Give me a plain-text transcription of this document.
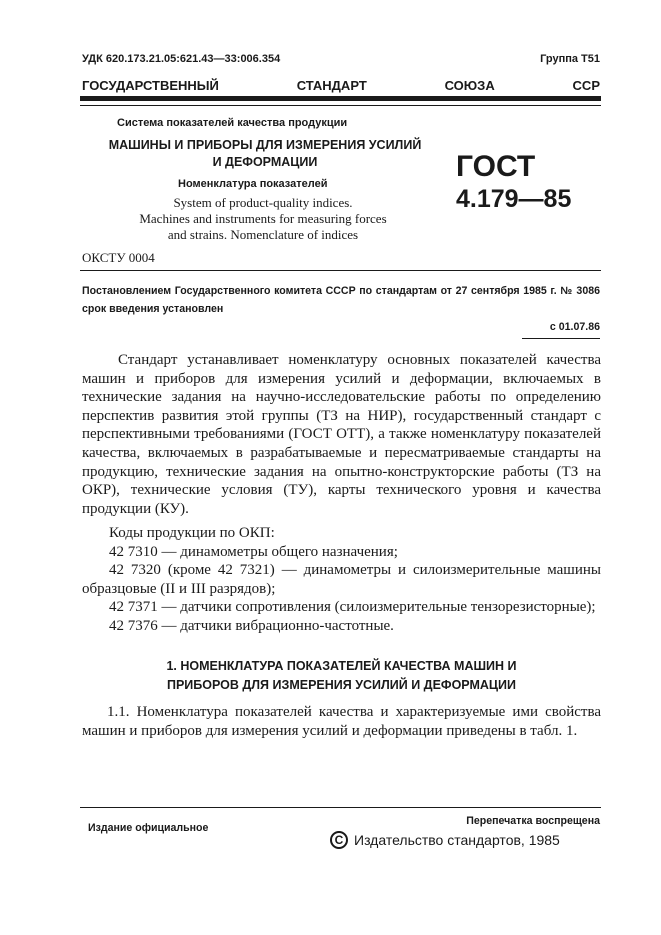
УДК 620.173.21.05:621.43—33:006.354	Группа Т51
ГОСУДАРСТВЕННЫЙ	СТАНДАРТ	СОЮЗА	ССР
Система показателей качества продукции
МАШИНЫ И ПРИБОРЫ ДЛЯ ИЗМЕРЕНИЯ УСИЛИЙ
И ДЕФОРМАЦИИ
Номенклатура показателей
System of product-quality indices.
Machines and instruments for measuring forces
and strains. Nomenclature of indices
ГОСТ
4.179—85
ОКСТУ 0004
Постановлением Государственного комитета СССР по стандартам от 27 сентября 1985 г. № 3086 срок введения установлен
с 01.07.86

Стандарт устанавливает номенклатуру основных показателей качества машин и приборов для измерения усилий и деформации, включаемых в технические задания на научно-исследовательские работы по определению перспектив развития этой группы (ТЗ на НИР), государственный стандарт с перспективными требованиями (ГОСТ ОТТ), а также номенклатуру показателей качества, включаемых в разрабатываемые и пересматриваемые стандарты на продукцию, технические задания на опытно-конструкторские работы (ТЗ на ОКР), технические условия (ТУ), карты технического уровня и качества продукции (КУ).

Коды продукции по ОКП:
42 7310 — динамометры общего назначения;
42 7320 (кроме 42 7321) — динамометры и силоизмерительные машины образцовые (II и III разрядов);
42 7371 — датчики сопротивления (силоизмерительные тензорезисторные);
42 7376 — датчики вибрационно-частотные.
1. НОМЕНКЛАТУРА ПОКАЗАТЕЛЕЙ КАЧЕСТВА МАШИН И
ПРИБОРОВ ДЛЯ ИЗМЕРЕНИЯ УСИЛИЙ И ДЕФОРМАЦИИ
1.1. Номенклатура показателей качества и характеризуемые ими свойства машин и приборов для измерения усилий и деформации приведены в табл. 1.
Издание официальное
Перепечатка воспрещена
C Издательство стандартов, 1985
